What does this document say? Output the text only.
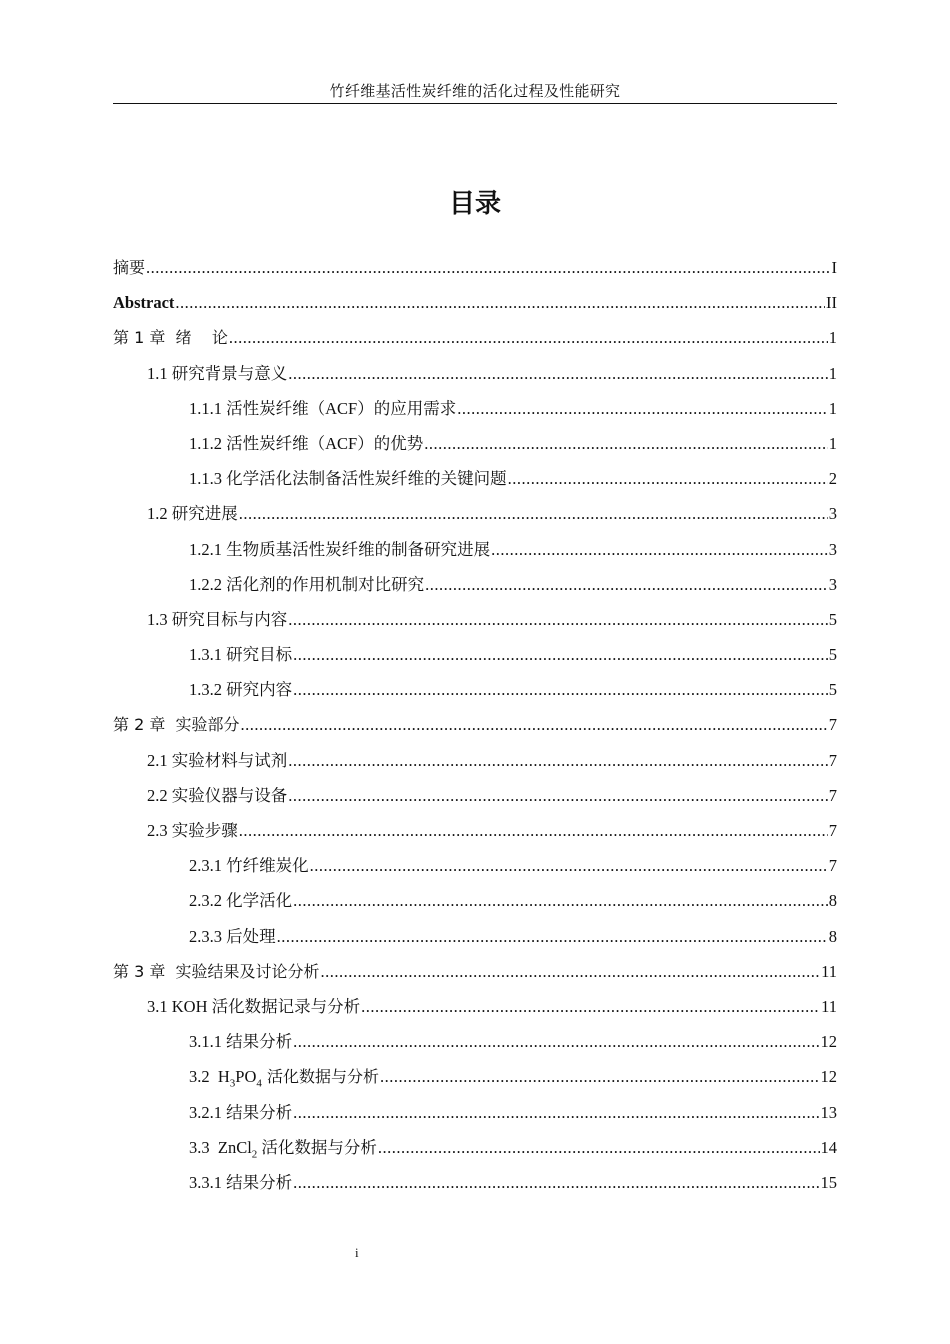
竹纤维基活性炭纤维的活化过程及性能研究
目录
摘要 .....	I
Abstract .....	II
第 1 章  绪    论 .....	1
1.1 研究背景与意义 .....	1
1.1.1 活性炭纤维（ACF）的应用需求 .....	1
1.1.2 活性炭纤维（ACF）的优势 .....	1
1.1.3 化学活化法制备活性炭纤维的关键问题 .....	2
1.2 研究进展 .....	3
1.2.1 生物质基活性炭纤维的制备研究进展 .....	3
1.2.2 活化剂的作用机制对比研究 .....	3
1.3 研究目标与内容 .....	5
1.3.1 研究目标 .....	5
1.3.2 研究内容 .....	5
第 2 章  实验部分 .....	7
2.1 实验材料与试剂 .....	7
2.2 实验仪器与设备 .....	7
2.3 实验步骤 .....	7
2.3.1 竹纤维炭化 .....	7
2.3.2 化学活化 .....	8
2.3.3 后处理 .....	8
第 3 章  实验结果及讨论分析 .....	11
3.1 KOH 活化数据记录与分析 .....	11
3.1.1 结果分析 .....	12
3.2  $H_3PO_4$ 活化数据与分析 .....	12
3.2.1 结果分析 .....	13
3.3  ZnCl$_2$ 活化数据与分析 .....	14
3.3.1 结果分析 .....	15
i
